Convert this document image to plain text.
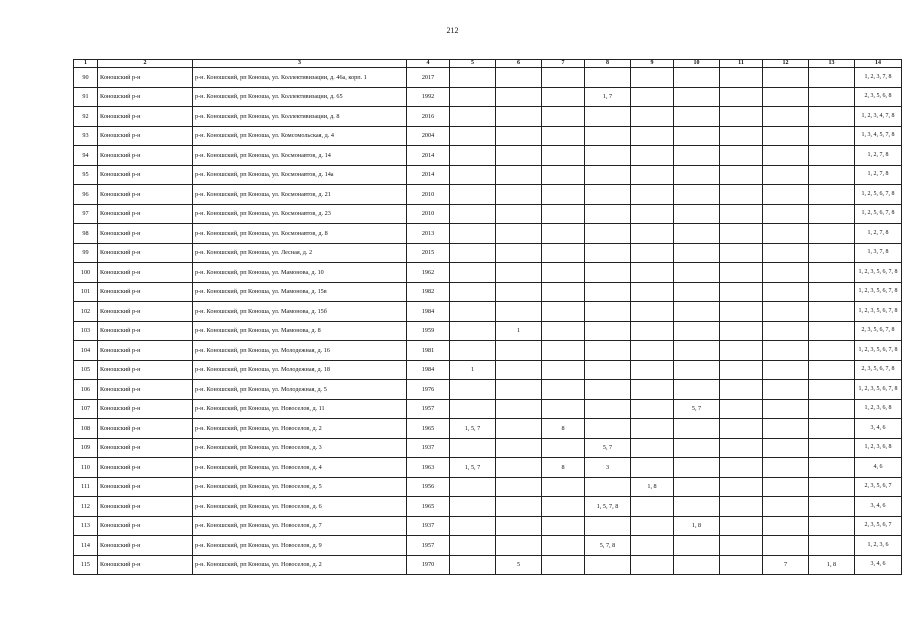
212
1	2	3	4	5	6	7	8	9	10	11	12	13	14
90	Коношский р-н	р-н. Коношский, рп Коноша, ул. Коллективизации, д. 46а, корп. 1	2017										1, 2, 3, 7, 8
91	Коношский р-н	р-н. Коношский, рп Коноша, ул. Коллективизации, д. 65	1992				1, 7						2, 3, 5, 6, 8
92	Коношский р-н	р-н. Коношский, рп Коноша, ул. Коллективизации, д. 8	2016										1, 2, 3, 4, 7, 8
93	Коношский р-н	р-н. Коношский, рп Коноша, ул. Комсомольская, д. 4	2004										1, 3, 4, 5, 7, 8
94	Коношский р-н	р-н. Коношский, рп Коноша, ул. Космонавтов, д. 14	2014										1, 2, 7, 8
95	Коношский р-н	р-н. Коношский, рп Коноша, ул. Космонавтов, д. 14а	2014										1, 2, 7, 8
96	Коношский р-н	р-н. Коношский, рп Коноша, ул. Космонавтов, д. 21	2010										1, 2, 5, 6, 7, 8
97	Коношский р-н	р-н. Коношский, рп Коноша, ул. Космонавтов, д. 23	2010										1, 2, 5, 6, 7, 8
98	Коношский р-н	р-н. Коношский, рп Коноша, ул. Космонавтов, д. 8	2013										1, 2, 7, 8
99	Коношский р-н	р-н. Коношский, рп Коноша, ул. Лесная, д. 2	2015										1, 3, 7, 8
100	Коношский р-н	р-н. Коношский, рп Коноша, ул. Мамонова, д. 10	1962										1, 2, 3, 5, 6, 7, 8
101	Коношский р-н	р-н. Коношский, рп Коноша, ул. Мамонова, д. 15в	1982										1, 2, 3, 5, 6, 7, 8
102	Коношский р-н	р-н. Коношский, рп Коноша, ул. Мамонова, д. 15б	1984										1, 2, 3, 5, 6, 7, 8
103	Коношский р-н	р-н. Коношский, рп Коноша, ул. Мамонова, д. 8	1959		1								2, 3, 5, 6, 7, 8
104	Коношский р-н	р-н. Коношский, рп Коноша, ул. Молодежная, д. 16	1981										1, 2, 3, 5, 6, 7, 8
105	Коношский р-н	р-н. Коношский, рп Коноша, ул. Молодежная, д. 18	1984	1									2, 3, 5, 6, 7, 8
106	Коношский р-н	р-н. Коношский, рп Коноша, ул. Молодежная, д. 5	1976										1, 2, 3, 5, 6, 7, 8
107	Коношский р-н	р-н. Коношский, рп Коноша, ул. Новоселов, д. 11	1957						5, 7				1, 2, 3, 6, 8
108	Коношский р-н	р-н. Коношский, рп Коноша, ул. Новоселов, д. 2	1965	1, 5, 7		8							3, 4, 6
109	Коношский р-н	р-н. Коношский, рп Коноша, ул. Новоселов, д. 3	1937				5, 7						1, 2, 3, 6, 8
110	Коношский р-н	р-н. Коношский, рп Коноша, ул. Новоселов, д. 4	1963	1, 5, 7		8	3						4, 6
111	Коношский р-н	р-н. Коношский, рп Коноша, ул. Новоселов, д. 5	1956					1, 8					2, 3, 5, 6, 7
112	Коношский р-н	р-н. Коношский, рп Коноша, ул. Новоселов, д. 6	1965				1, 5, 7, 8						3, 4, 6
113	Коношский р-н	р-н. Коношский, рп Коноша, ул. Новоселов, д. 7	1937						1, 8				2, 3, 5, 6, 7
114	Коношский р-н	р-н. Коношский, рп Коноша, ул. Новоселов, д. 9	1957				5, 7, 8						1, 2, 3, 6
115	Коношский р-н	р-н. Коношский, рп Коноша, ул. Новоселов, д. 2	1970		5						7	1, 8	3, 4, 6
